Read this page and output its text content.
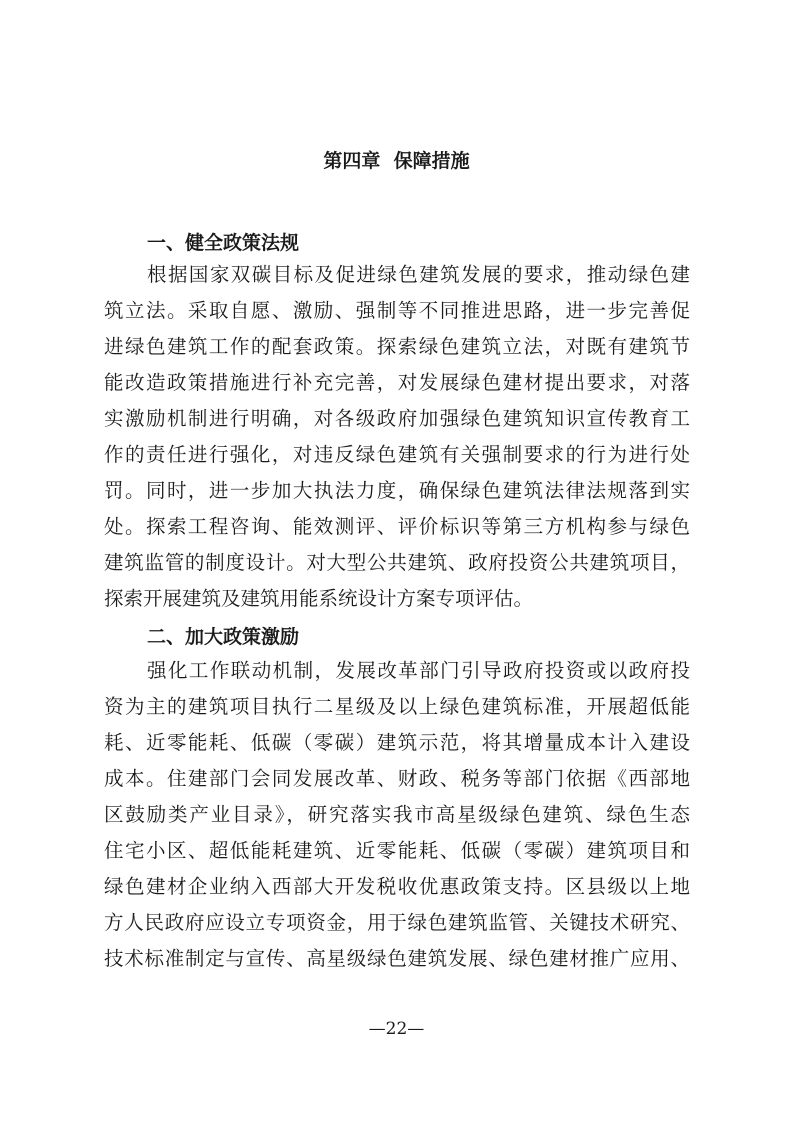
第四章  保障措施
一、健全政策法规
根据国家双碳目标及促进绿色建筑发展的要求，推动绿色建
筑立法。采取自愿、激励、强制等不同推进思路，进一步完善促
进绿色建筑工作的配套政策。探索绿色建筑立法，对既有建筑节
能改造政策措施进行补充完善，对发展绿色建材提出要求，对落
实激励机制进行明确，对各级政府加强绿色建筑知识宣传教育工
作的责任进行强化，对违反绿色建筑有关强制要求的行为进行处
罚。同时，进一步加大执法力度，确保绿色建筑法律法规落到实
处。探索工程咨询、能效测评、评价标识等第三方机构参与绿色
建筑监管的制度设计。对大型公共建筑、政府投资公共建筑项目，
探索开展建筑及建筑用能系统设计方案专项评估。
二、加大政策激励
强化工作联动机制，发展改革部门引导政府投资或以政府投
资为主的建筑项目执行二星级及以上绿色建筑标准，开展超低能
耗、近零能耗、低碳（零碳）建筑示范，将其增量成本计入建设
成本。住建部门会同发展改革、财政、税务等部门依据《西部地
区鼓励类产业目录》，研究落实我市高星级绿色建筑、绿色生态
住宅小区、超低能耗建筑、近零能耗、低碳（零碳）建筑项目和
绿色建材企业纳入西部大开发税收优惠政策支持。区县级以上地
方人民政府应设立专项资金，用于绿色建筑监管、关键技术研究、
技术标准制定与宣传、高星级绿色建筑发展、绿色建材推广应用、
—22—
